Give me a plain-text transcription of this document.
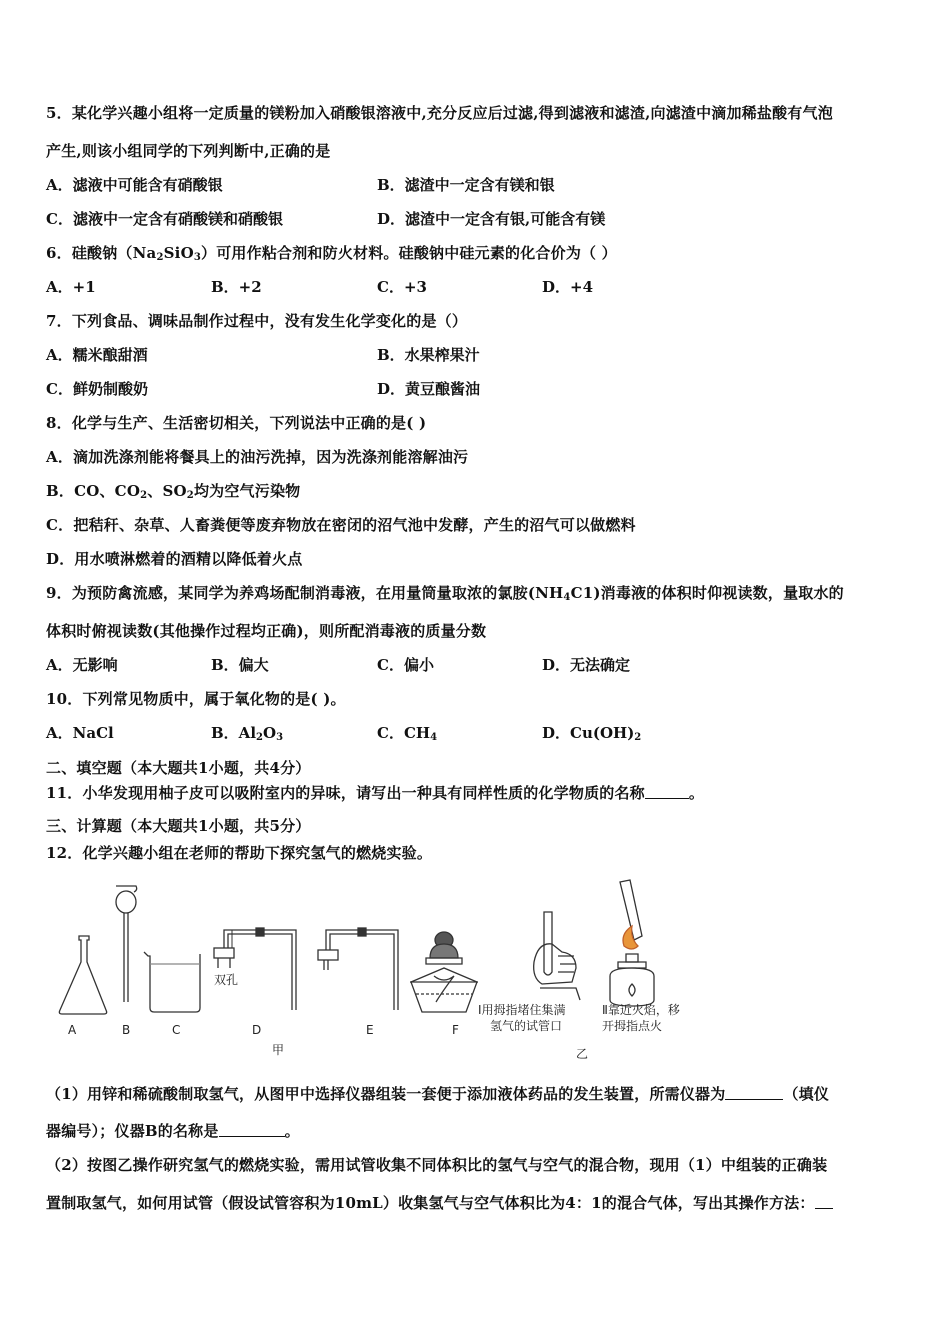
5．某化学兴趣小组将一定质量的镁粉加入硝酸银溶液中,充分反应后过滤,得到滤液和滤渣,向滤渣中滴加稀盐酸有气泡
产生,则该小组同学的下列判断中,正确的是
A．滤液中可能含有硝酸银	B．滤渣中一定含有镁和银
C．滤液中一定含有硝酸镁和硝酸银	D．滤渣中一定含有银,可能含有镁
6．硅酸钠$(Na_2SiO_3)$可用作粘合剂和防火材料。硅酸钠中硅元素的化合价为（ ）
A．+1	B．+2	C．+3	D．+4
7．下列食品、调味品制作过程中，没有发生化学变化的是（）
A．糯米酿甜酒	B．水果榨果汁
C．鲜奶制酸奶	D．黄豆酿酱油
8．化学与生产、生活密切相关，下列说法中正确的是( )
A．滴加洗涤剂能将餐具上的油污洗掉，因为洗涤剂能溶解油污
B．CO、$CO_2$、$SO_2$均为空气污染物
C．把秸秆、杂草、人畜粪便等废弃物放在密闭的沼气池中发酵，产生的沼气可以做燃料
D．用水喷淋燃着的酒精以降低着火点
9．为预防禽流感，某同学为养鸡场配制消毒液，在用量筒量取浓的氯胺$(NH_4C1)$消毒液的体积时仰视读数，量取水的
体积时俯视读数(其他操作过程均正确)，则所配消毒液的质量分数
A．无影响	B．偏大	C．偏小	D．无法确定
10．下列常见物质中，属于氧化物的是( )。
A．NaCl	B．$Al_2O_3$	C．$CH_4$	D．$Cu(OH)_2$
二、填空题（本大题共1小题，共4分）
11．小华发现用柚子皮可以吸附室内的异味，请写出一种具有同样性质的化学物质的名称	。
三、计算题（本大题共1小题，共5分）
12．化学兴趣小组在老师的帮助下探究氢气的燃烧实验。
A	B	C	D	E	F
双孔
甲	乙
Ⅰ用拇指堵住集满
氢气的试管口
Ⅱ靠近火焰，移
开拇指点火
（1）用锌和稀硫酸制取氢气，从图甲中选择仪器组装一套便于添加液体药品的发生装置，所需仪器为	（填仪
器编号）；仪器B的名称是	。
（2）按图乙操作研究氢气的燃烧实验，需用试管收集不同体积比的氢气与空气的混合物，现用（1）中组装的正确装
置制取氢气，如何用试管（假设试管容积为10mL）收集氢气与空气体积比为4：1的混合气体，写出其操作方法：
